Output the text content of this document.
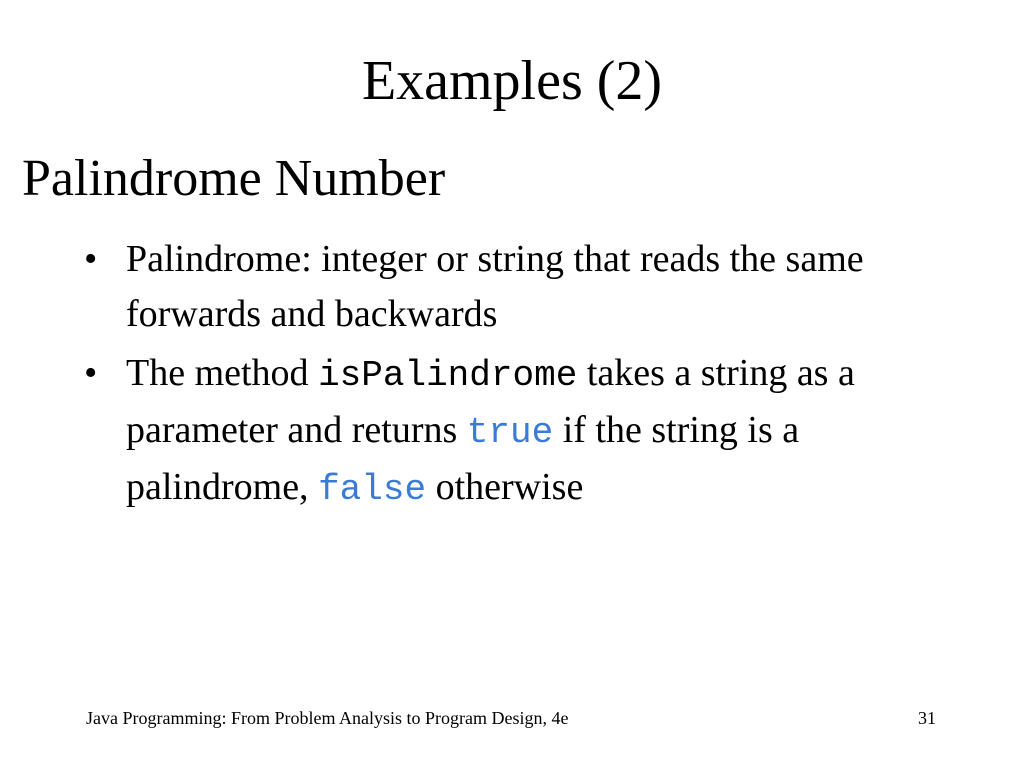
Examples (2)
Palindrome Number
• Palindrome: integer or string that reads the same forwards and backwards
• The method isPalindrome takes a string as a parameter and returns true if the string is a palindrome, false otherwise
Java Programming: From Problem Analysis to Program Design, 4e	31
